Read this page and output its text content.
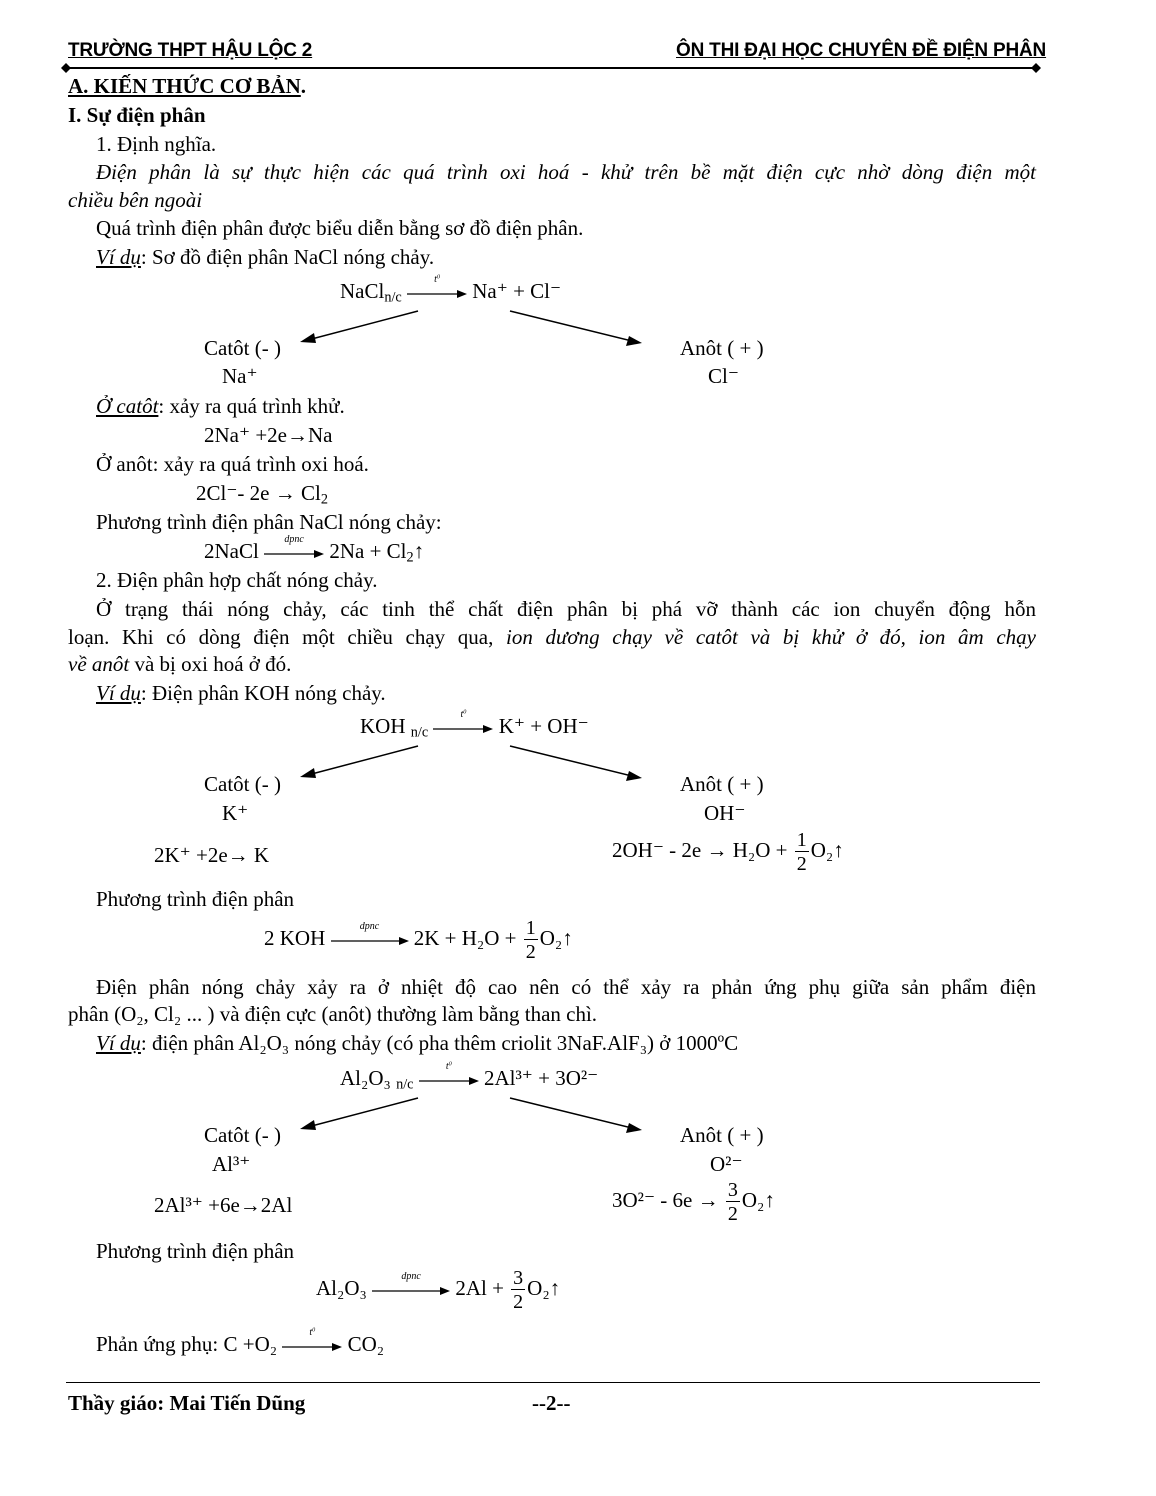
TRƯỜNG THPT HẬU LỘC 2	ÔN THI ĐẠI HỌC CHUYÊN ĐỀ ĐIỆN PHÂN
A. KIẾN THỨC CƠ BẢN.
I. Sự điện phân
1. Định nghĩa.
Điện phân là sự thực hiện các quá trình oxi hoá - khử trên bề mặt điện cực nhờ dòng điện một
chiều bên ngoài
Quá trình điện phân được biểu diễn bằng sơ đồ điện phân.
Ví dụ: Sơ đồ điện phân NaCl nóng chảy.
NaCl$_{n/c}$
$t^0$
Na⁺ + Cl⁻
Catôt (- )	Anôt ( + )
Na⁺	Cl⁻
Ở catôt: xảy ra quá trình khử.
2Na⁺ +2e→Na
Ở anôt: xảy ra quá trình oxi hoá.
2Cl⁻- $2e \to Cl_2$
Phương trình điện phân NaCl nóng chảy:
2NaCl	dpnc	$2Na + Cl_2↑$
2. Điện phân hợp chất nóng chảy.
Ở trạng thái nóng chảy, các tinh thể chất điện phân bị phá vỡ thành các ion chuyển động hỗn
loạn. Khi có dòng điện một chiều chạy qua, ion dương chạy về catôt và bị khử ở đó, ion âm chạy
về anôt và bị oxi hoá ở đó.
Ví dụ: Điện phân KOH nóng chảy.
KOH $_{n/c}$
$t^0$
K⁺ + OH⁻
Catôt (- )	Anôt ( + )
K⁺	OH⁻
2K⁺ +2e→ K	$2OH^- - 2e \to H_2O + \frac{1}{2}$ O₂↑
Phương trình điện phân
2 KOH	dpnc	$2K + H_2O + \frac{1}{2}$ O₂↑
Điện phân nóng chảy xảy ra ở nhiệt độ cao nên có thể xảy ra phản ứng phụ giữa sản phẩm điện
phân (O₂, Cl₂ ... ) và điện cực (anôt) thường làm bằng than chì.
Ví dụ: điện phân Al₂O₃ nóng chảy (có pha thêm criolit 3NaF.AlF₃) ở 1000ºC
Al₂O₃ $_{n/c}$
$t^0$
2Al³⁺ + 3O²⁻
Catôt (- )	Anôt ( + )
Al³⁺	O²⁻
2Al³⁺ +6e→2Al	$3O^{2-} - 6e \to \frac{3}{2}$ O₂↑
Phương trình điện phân
Al₂O₃	dpnc	$2Al + \frac{3}{2}$ O₂↑
Phản ứng phụ: C +O₂	$t^0$
CO₂
Thầy giáo: Mai Tiến Dũng	--2--
